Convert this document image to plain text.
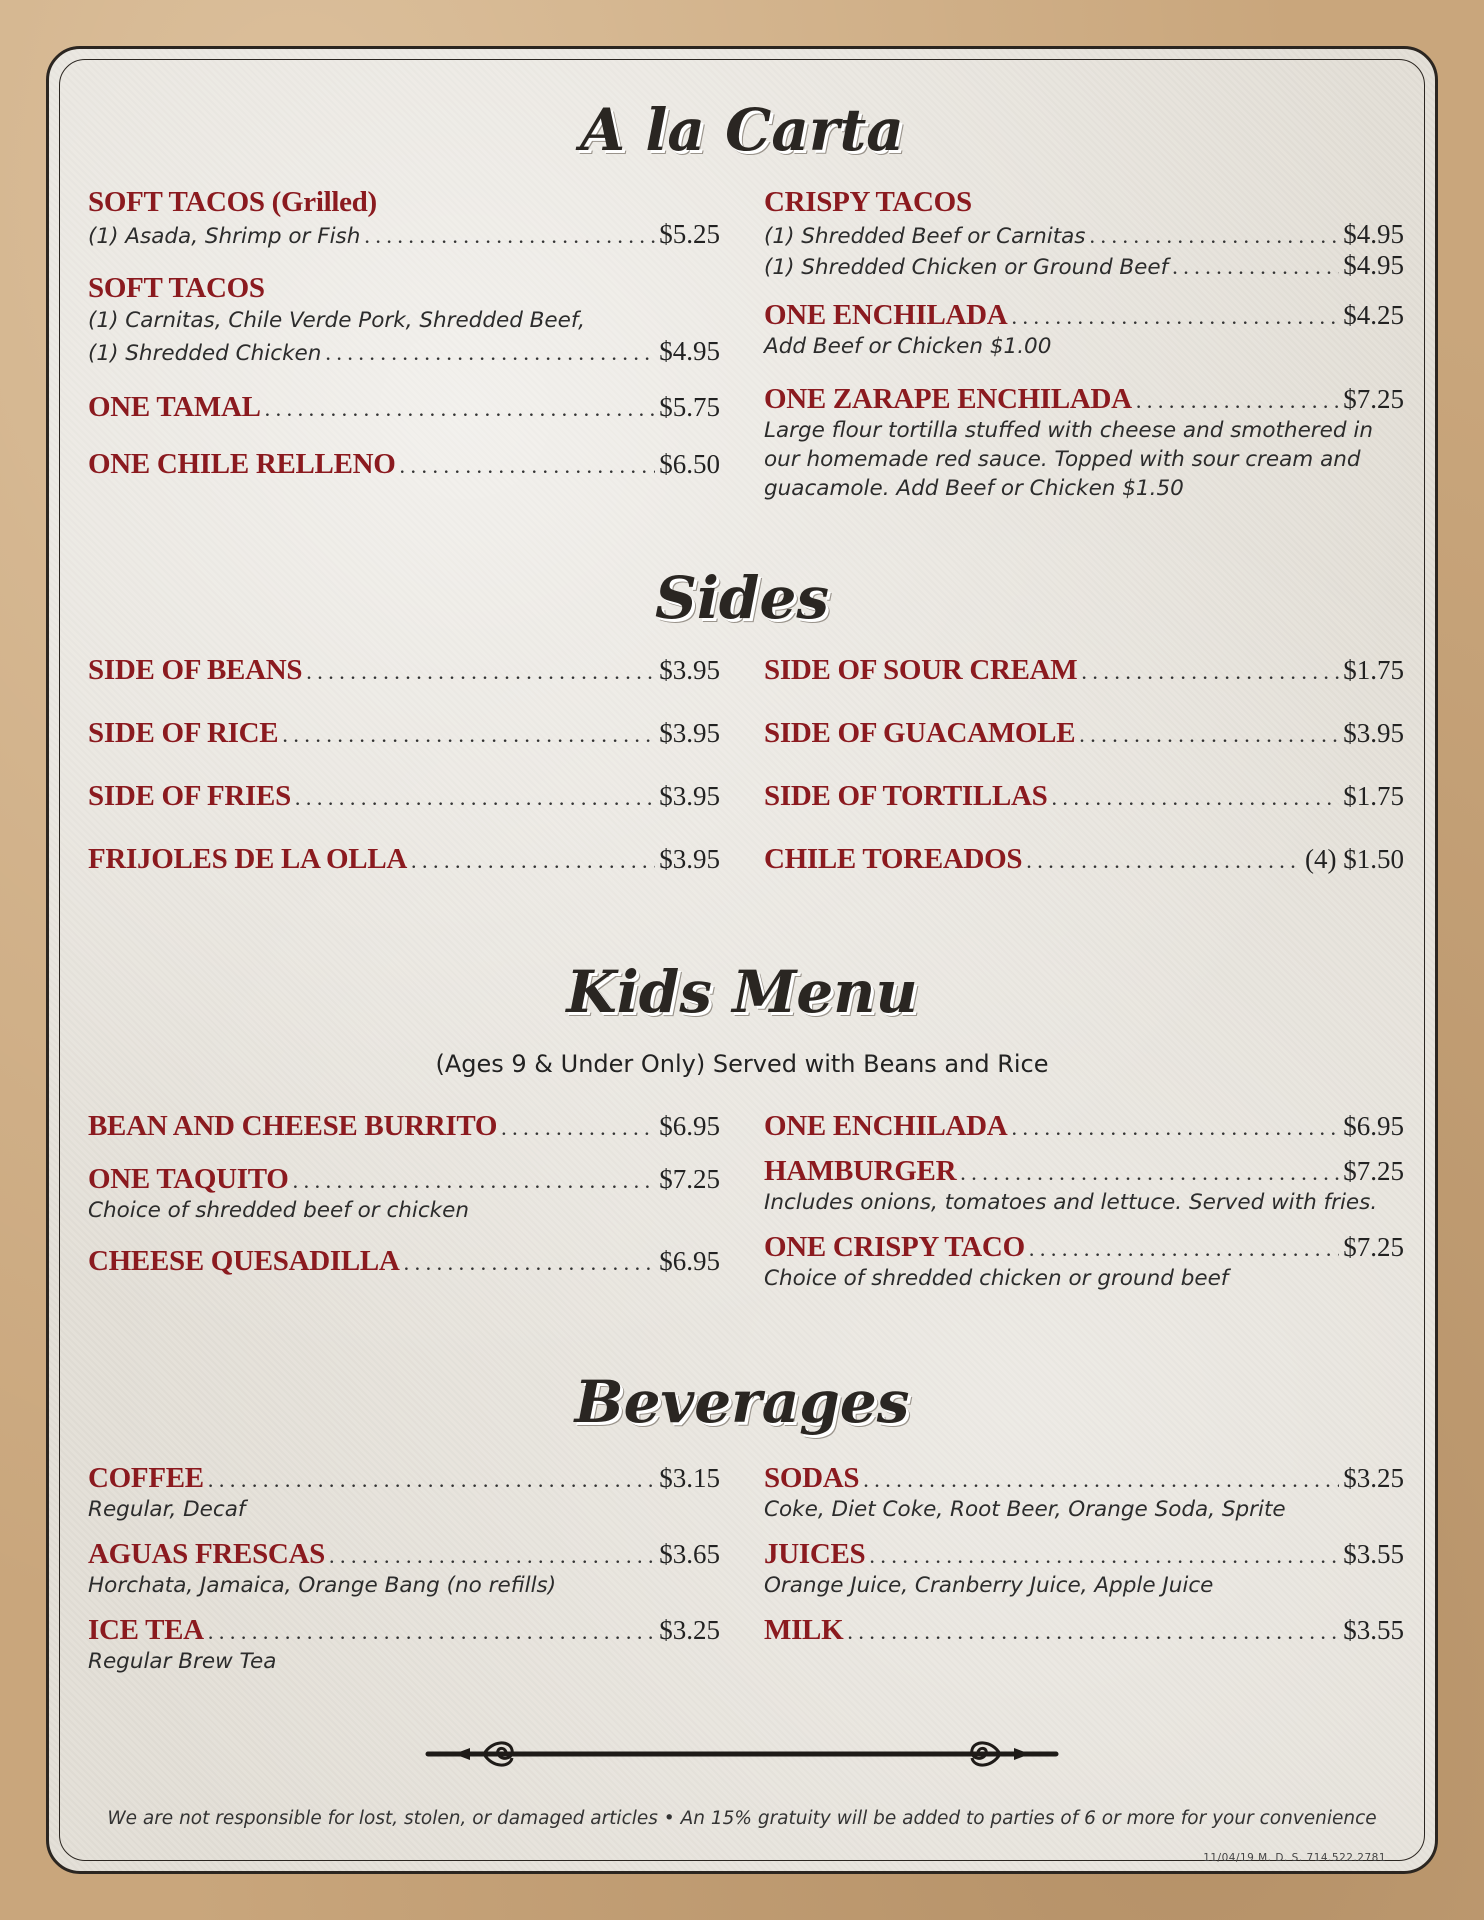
A la Carta
SOFT TACOS (Grilled)
(1) Asada, Shrimp or Fish . . .	$5.25
SOFT TACOS
(1) Carnitas, Chile Verde Pork, Shredded Beef,
(1) Shredded Chicken . . .	$4.95
ONE TAMAL . . .	$5.75
ONE CHILE RELLENO . . .	$6.50
CRISPY TACOS
(1) Shredded Beef or Carnitas . . .	$4.95
(1) Shredded Chicken or Ground Beef . . .	$4.95
ONE ENCHILADA . . .	$4.25
Add Beef or Chicken $1.00
ONE ZARAPE ENCHILADA . . .	$7.25
Large flour tortilla stuffed with cheese and smothered in our homemade red sauce. Topped with sour cream and guacamole. Add Beef or Chicken $1.50
Sides
SIDE OF BEANS . . .	$3.95
SIDE OF RICE . . .	$3.95
SIDE OF FRIES . . .	$3.95
FRIJOLES DE LA OLLA . . .	$3.95
SIDE OF SOUR CREAM . . .	$1.75
SIDE OF GUACAMOLE . . .	$3.95
SIDE OF TORTILLAS . . .	$1.75
CHILE TOREADOS . . .	(4) $1.50
Kids Menu
(Ages 9 & Under Only) Served with Beans and Rice
BEAN AND CHEESE BURRITO . . .	$6.95
ONE TAQUITO . . .	$7.25
Choice of shredded beef or chicken
CHEESE QUESADILLA . . .	$6.95
ONE ENCHILADA . . .	$6.95
HAMBURGER . . .	$7.25
Includes onions, tomatoes and lettuce. Served with fries.
ONE CRISPY TACO . . .	$7.25
Choice of shredded chicken or ground beef
Beverages
COFFEE . . .	$3.15
Regular, Decaf
AGUAS FRESCAS . . .	$3.65
Horchata, Jamaica, Orange Bang (no refills)
ICE TEA . . .	$3.25
Regular Brew Tea
SODAS . . .	$3.25
Coke, Diet Coke, Root Beer, Orange Soda, Sprite
JUICES . . .	$3.55
Orange Juice, Cranberry Juice, Apple Juice
MILK . . .	$3.55
We are not responsible for lost, stolen, or damaged articles • An 15% gratuity will be added to parties of 6 or more for your convenience
11/04/19 M. D. S. 714.522.2781
